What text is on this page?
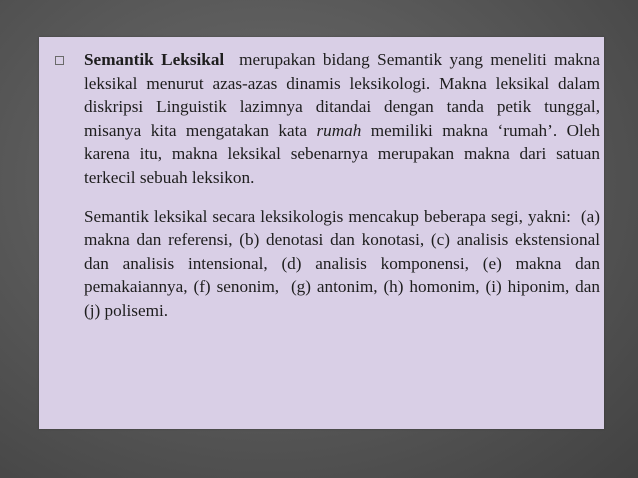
Semantik Leksikal  merupakan bidang Semantik yang meneliti makna leksikal menurut azas-azas dinamis leksikologi. Makna leksikal dalam diskripsi Linguistik lazimnya ditandai dengan tanda petik tunggal, misanya kita mengatakan kata rumah memiliki makna ‘rumah’. Oleh karena itu, makna leksikal sebenarnya merupakan makna dari satuan terkecil sebuah leksikon.

Semantik leksikal secara leksikologis mencakup beberapa segi, yakni:  (a) makna dan referensi, (b) denotasi dan konotasi, (c) analisis ekstensional dan analisis intensional, (d) analisis komponensi, (e) makna dan pemakaiannya, (f) senonim,  (g) antonim, (h) homonim, (i) hiponim, dan (j) polisemi.
